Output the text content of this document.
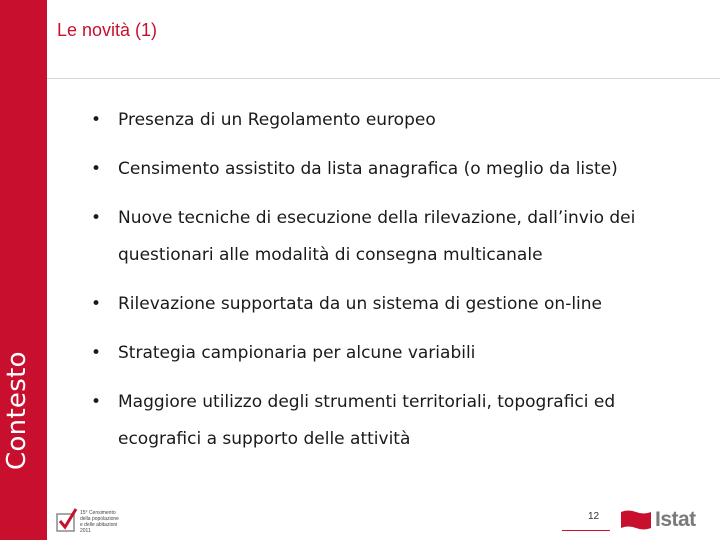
Le novità (1)
Contesto
• Presenza di un Regolamento europeo
• Censimento assistito da lista anagrafica (o meglio da liste)
• Nuove tecniche di esecuzione della rilevazione, dall’invio dei questionari alle modalità di consegna multicanale
• Rilevazione supportata da un sistema di gestione on-line
• Strategia campionaria per alcune variabili
• Maggiore utilizzo degli strumenti territoriali, topografici ed ecografici a supporto delle attività
15° Censimento della popolazione e delle abitazioni 2011
12	Istat
